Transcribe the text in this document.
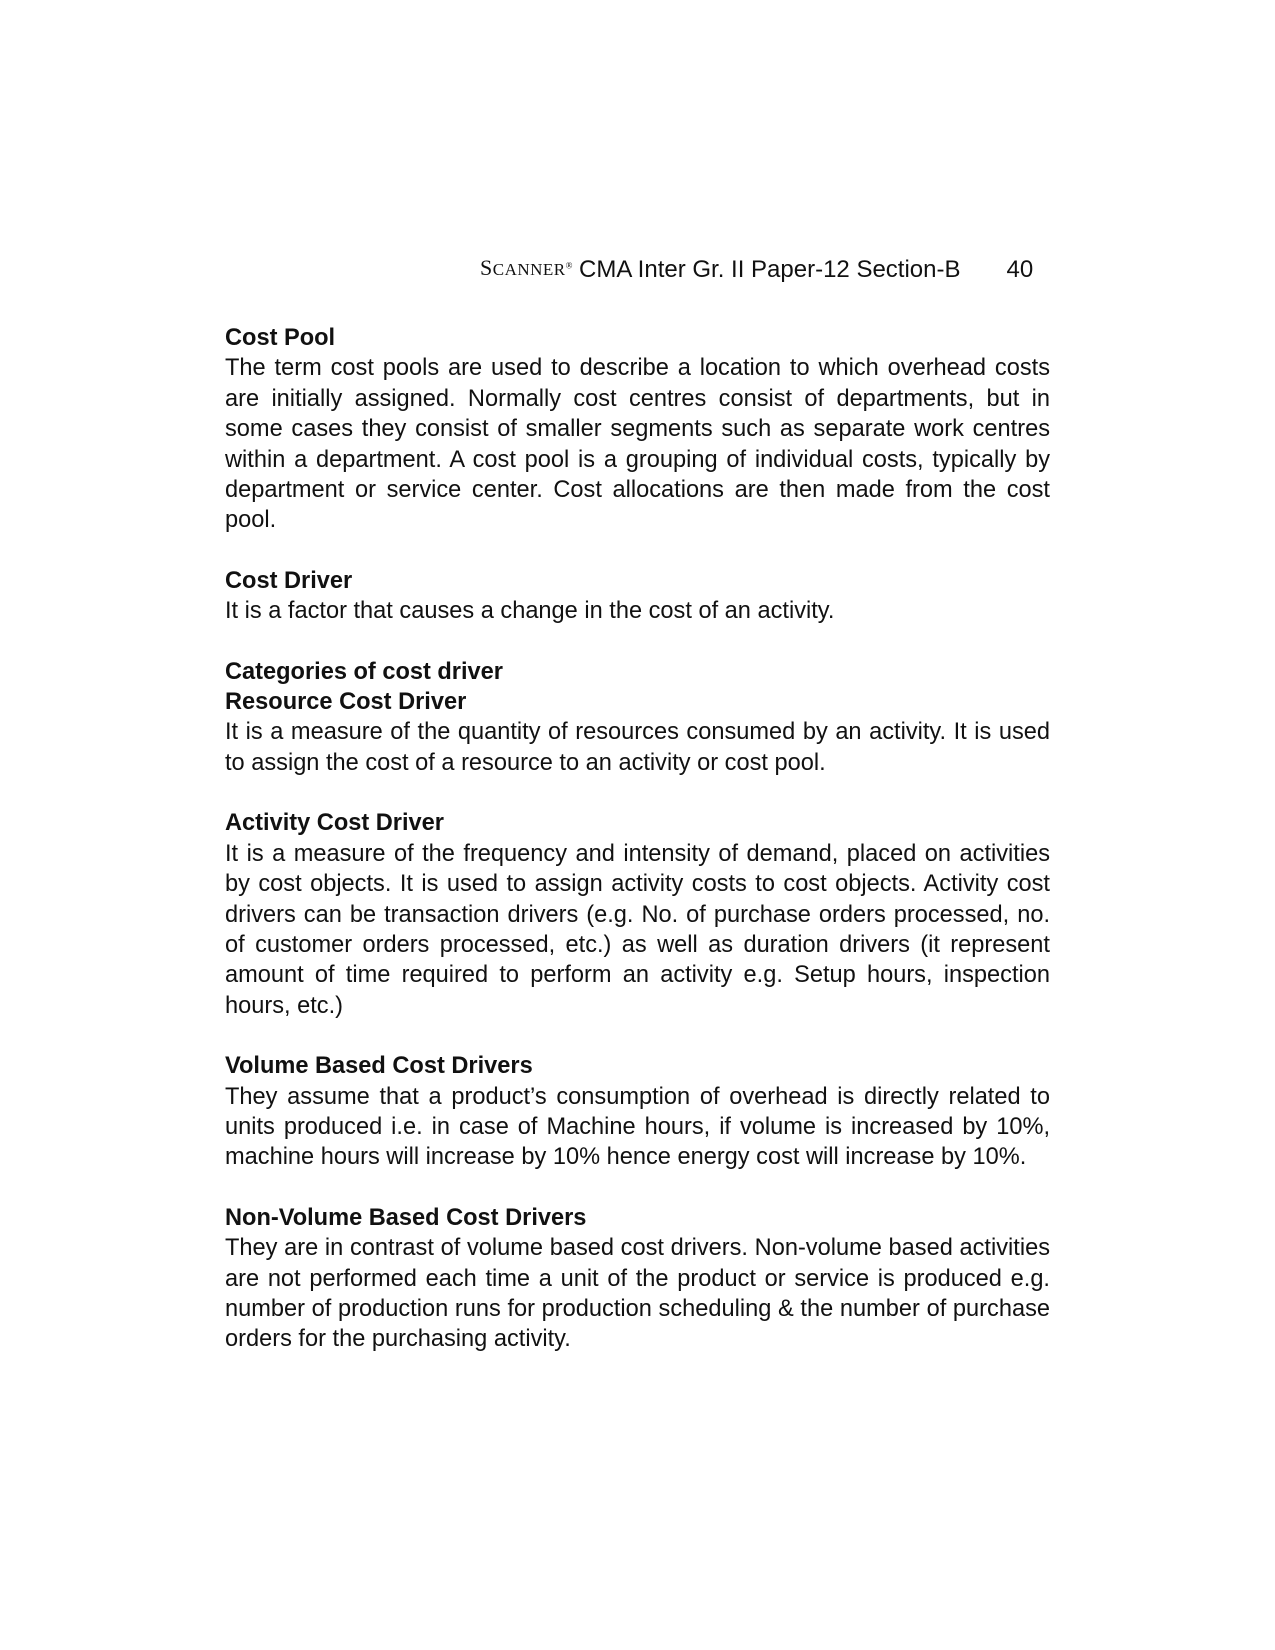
SCANNER® CMA Inter Gr. II Paper-12 Section-B 40

Cost Pool

The term cost pools are used to describe a location to which overhead costs are initially assigned. Normally cost centres consist of departments, but in some cases they consist of smaller segments such as separate work centres within a department. A cost pool is a grouping of individual costs, typically by department or service center. Cost allocations are then made from the cost pool.

Cost Driver

It is a factor that causes a change in the cost of an activity.

Categories of cost driver

Resource Cost Driver

It is a measure of the quantity of resources consumed by an activity. It is used to assign the cost of a resource to an activity or cost pool.

Activity Cost Driver

It is a measure of the frequency and intensity of demand, placed on activities by cost objects. It is used to assign activity costs to cost objects. Activity cost drivers can be transaction drivers (e.g. No. of purchase orders processed, no. of customer orders processed, etc.) as well as duration drivers (it represent amount of time required to perform an activity e.g. Setup hours, inspection hours, etc.)

Volume Based Cost Drivers

They assume that a product’s consumption of overhead is directly related to units produced i.e. in case of Machine hours, if volume is increased by 10%, machine hours will increase by 10% hence energy cost will increase by 10%.

Non-Volume Based Cost Drivers

They are in contrast of volume based cost drivers. Non-volume based activities are not performed each time a unit of the product or service is produced e.g. number of production runs for production scheduling & the number of purchase orders for the purchasing activity.
